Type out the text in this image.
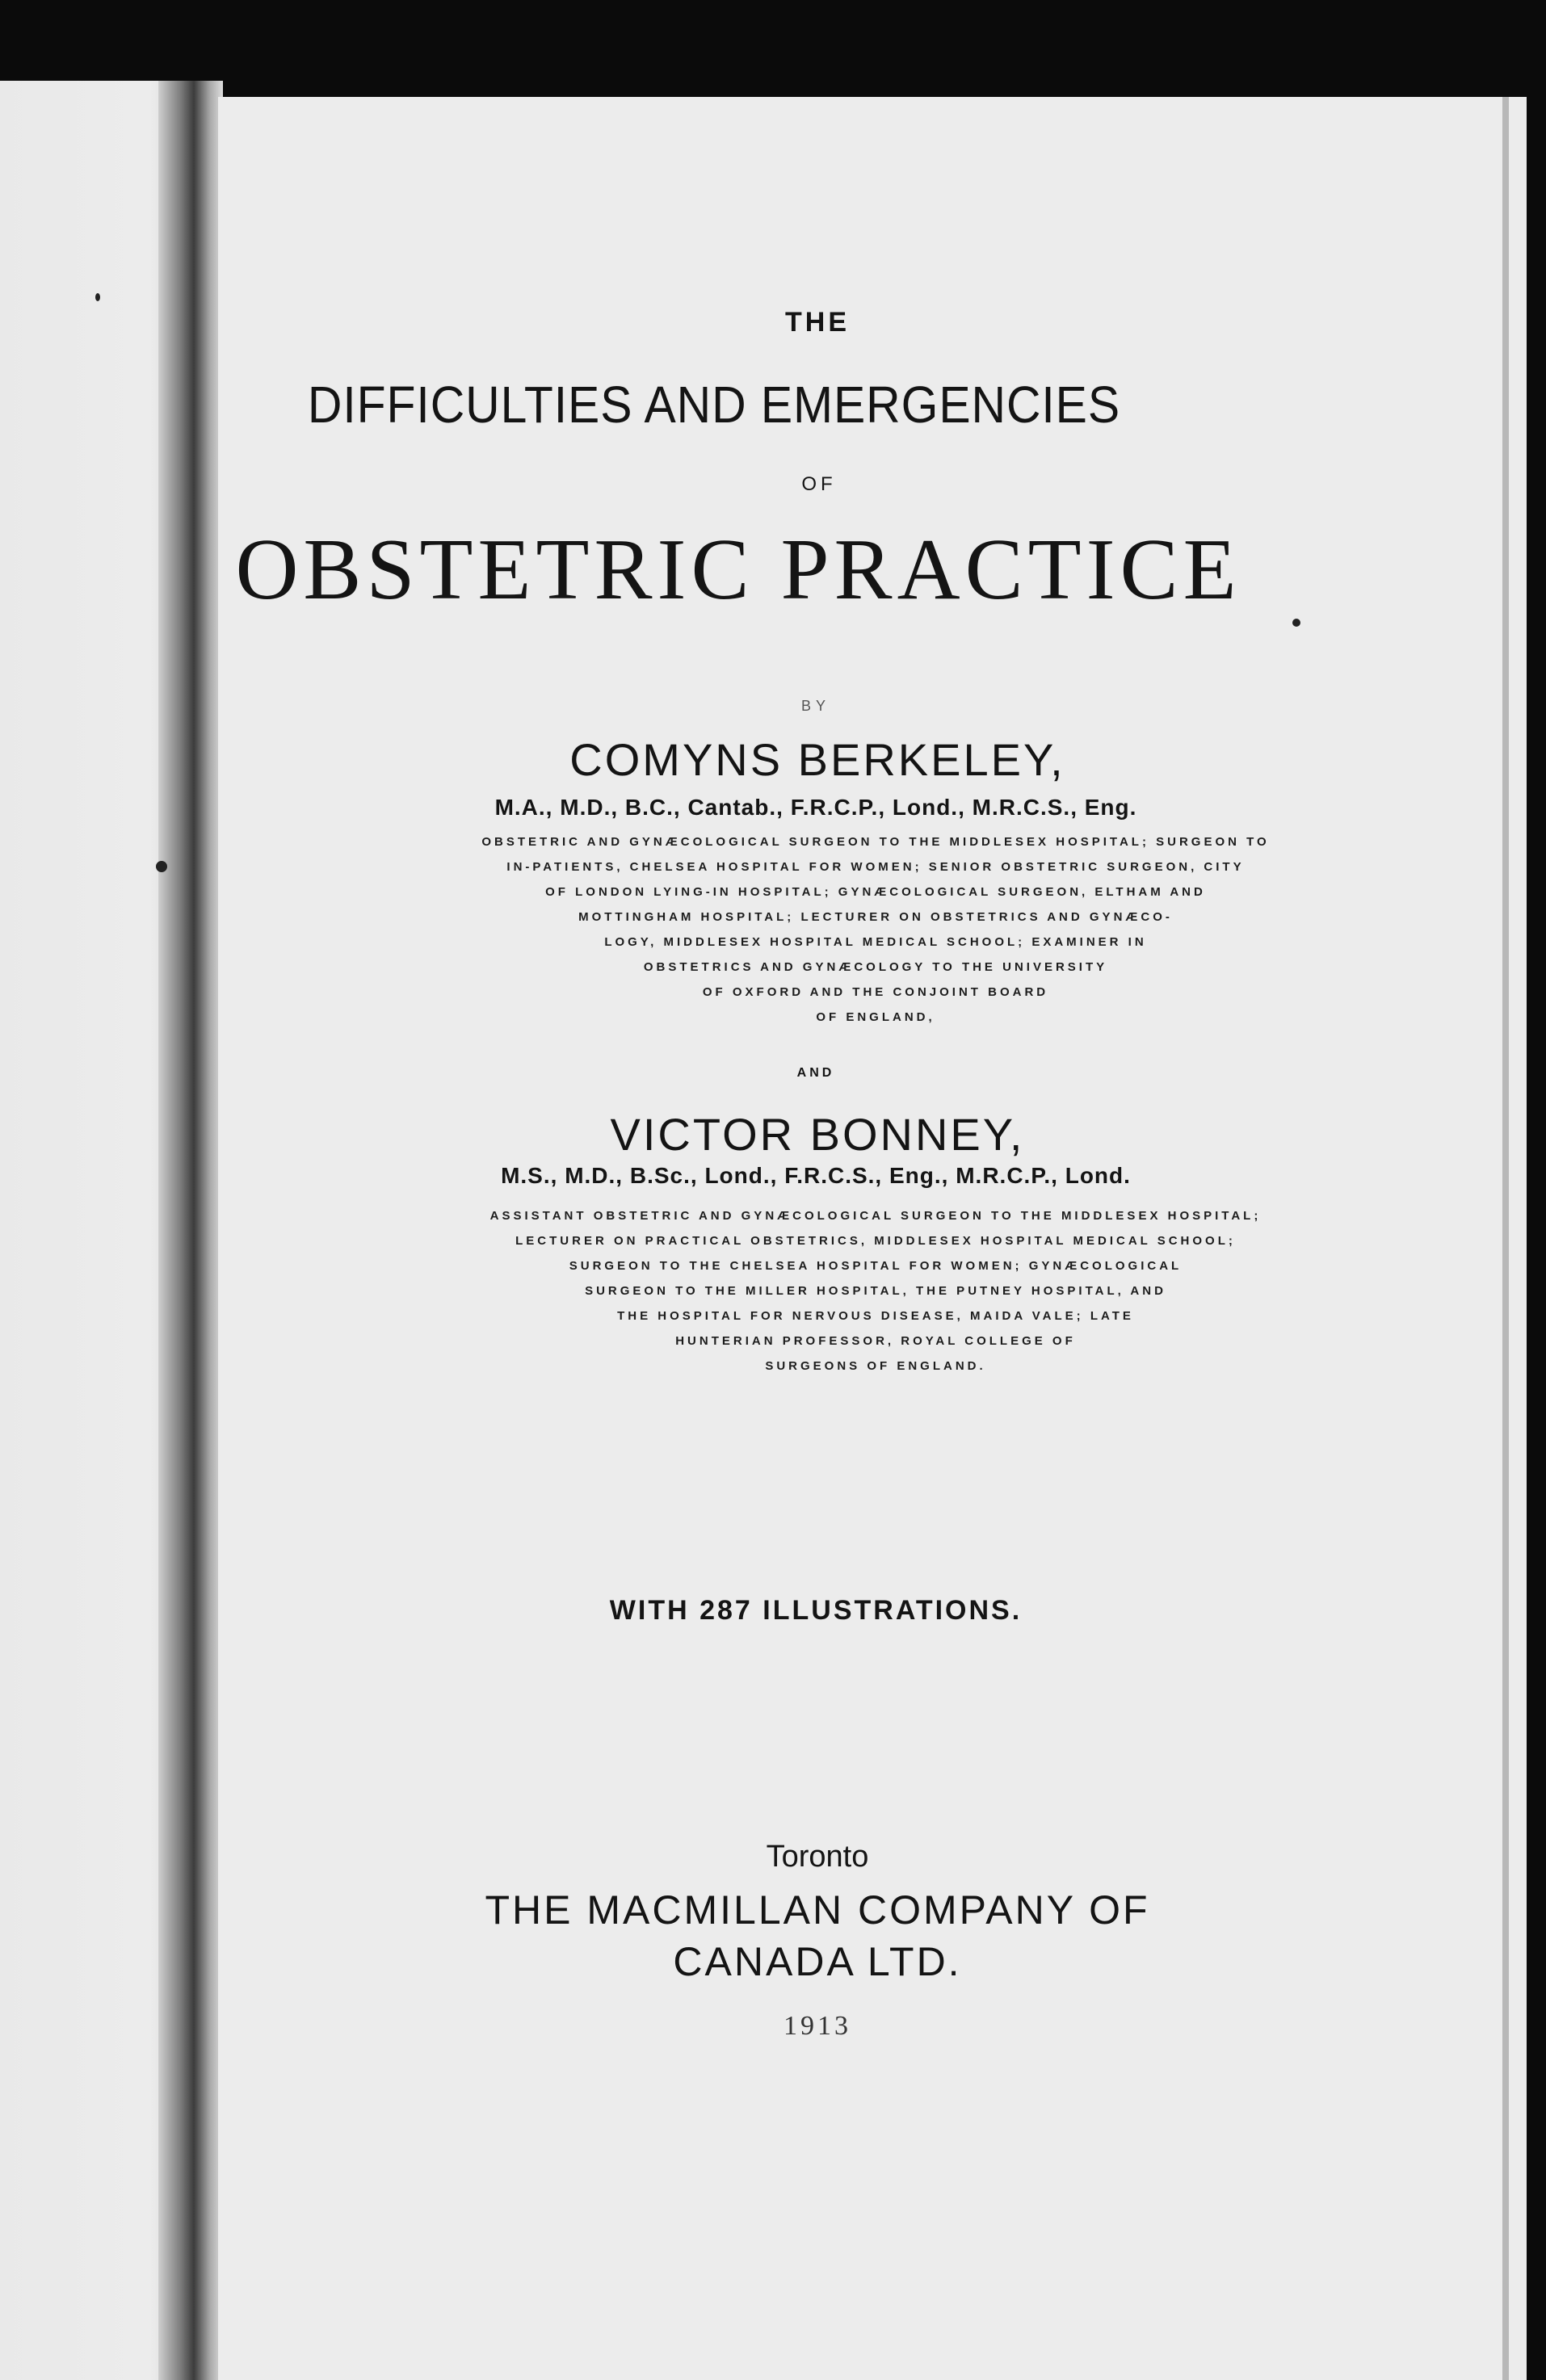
THE
DIFFICULTIES AND EMERGENCIES
OF
OBSTETRIC PRACTICE
BY
COMYNS BERKELEY,
M.A., M.D., B.C., Cantab., F.R.C.P., Lond., M.R.C.S., Eng.
OBSTETRIC AND GYNÆCOLOGICAL SURGEON TO THE MIDDLESEX HOSPITAL; SURGEON TO
IN-PATIENTS, CHELSEA HOSPITAL FOR WOMEN; SENIOR OBSTETRIC SURGEON, CITY
OF LONDON LYING-IN HOSPITAL; GYNÆCOLOGICAL SURGEON, ELTHAM AND
MOTTINGHAM HOSPITAL; LECTURER ON OBSTETRICS AND GYNÆCO-
LOGY, MIDDLESEX HOSPITAL MEDICAL SCHOOL; EXAMINER IN
OBSTETRICS AND GYNÆCOLOGY TO THE UNIVERSITY
OF OXFORD AND THE CONJOINT BOARD
OF ENGLAND,
AND
VICTOR BONNEY,
M.S., M.D., B.Sc., Lond., F.R.C.S., Eng., M.R.C.P., Lond.
ASSISTANT OBSTETRIC AND GYNÆCOLOGICAL SURGEON TO THE MIDDLESEX HOSPITAL;
LECTURER ON PRACTICAL OBSTETRICS, MIDDLESEX HOSPITAL MEDICAL SCHOOL;
SURGEON TO THE CHELSEA HOSPITAL FOR WOMEN; GYNÆCOLOGICAL
SURGEON TO THE MILLER HOSPITAL, THE PUTNEY HOSPITAL, AND
THE HOSPITAL FOR NERVOUS DISEASE, MAIDA VALE; LATE
HUNTERIAN PROFESSOR, ROYAL COLLEGE OF
SURGEONS OF ENGLAND.
WITH 287 ILLUSTRATIONS.
Toronto
THE MACMILLAN COMPANY OF
CANADA LTD.
1913
